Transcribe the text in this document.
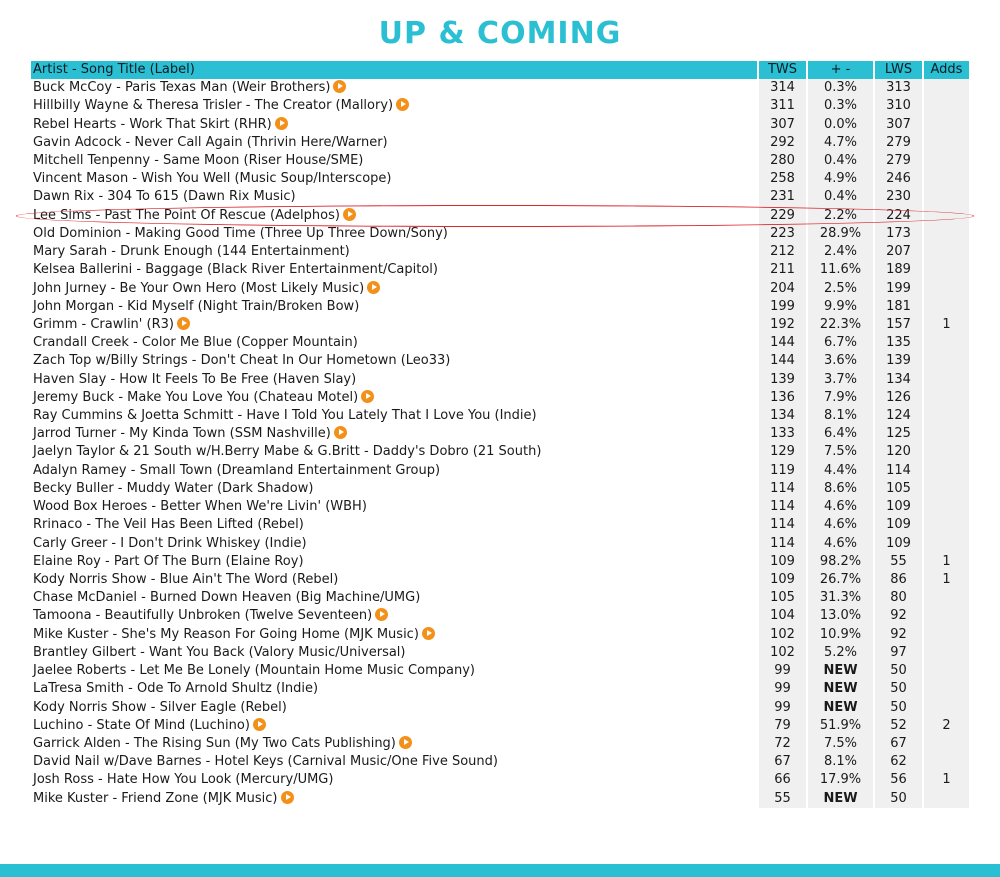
UP & COMING
Artist - Song Title (Label)	TWS	+ -	LWS	Adds
Buck McCoy - Paris Texas Man (Weir Brothers)	314	0.3%	313	
Hillbilly Wayne & Theresa Trisler - The Creator (Mallory)	311	0.3%	310	
Rebel Hearts - Work That Skirt (RHR)	307	0.0%	307	
Gavin Adcock - Never Call Again (Thrivin Here/Warner)	292	4.7%	279	
Mitchell Tenpenny - Same Moon (Riser House/SME)	280	0.4%	279	
Vincent Mason - Wish You Well (Music Soup/Interscope)	258	4.9%	246	
Dawn Rix - 304 To 615 (Dawn Rix Music)	231	0.4%	230	
Lee Sims - Past The Point Of Rescue (Adelphos)	229	2.2%	224	
Old Dominion - Making Good Time (Three Up Three Down/Sony)	223	28.9%	173	
Mary Sarah - Drunk Enough (144 Entertainment)	212	2.4%	207	
Kelsea Ballerini - Baggage (Black River Entertainment/Capitol)	211	11.6%	189	
John Jurney - Be Your Own Hero (Most Likely Music)	204	2.5%	199	
John Morgan - Kid Myself (Night Train/Broken Bow)	199	9.9%	181	
Grimm - Crawlin' (R3)	192	22.3%	157	1
Crandall Creek - Color Me Blue (Copper Mountain)	144	6.7%	135	
Zach Top w/Billy Strings - Don't Cheat In Our Hometown (Leo33)	144	3.6%	139	
Haven Slay - How It Feels To Be Free (Haven Slay)	139	3.7%	134	
Jeremy Buck - Make You Love You (Chateau Motel)	136	7.9%	126	
Ray Cummins & Joetta Schmitt - Have I Told You Lately That I Love You (Indie)	134	8.1%	124	
Jarrod Turner - My Kinda Town (SSM Nashville)	133	6.4%	125	
Jaelyn Taylor & 21 South w/H.Berry Mabe & G.Britt - Daddy's Dobro (21 South)	129	7.5%	120	
Adalyn Ramey - Small Town (Dreamland Entertainment Group)	119	4.4%	114	
Becky Buller - Muddy Water (Dark Shadow)	114	8.6%	105	
Wood Box Heroes - Better When We're Livin' (WBH)	114	4.6%	109	
Rrinaco - The Veil Has Been Lifted (Rebel)	114	4.6%	109	
Carly Greer - I Don't Drink Whiskey (Indie)	114	4.6%	109	
Elaine Roy - Part Of The Burn (Elaine Roy)	109	98.2%	55	1
Kody Norris Show - Blue Ain't The Word (Rebel)	109	26.7%	86	1
Chase McDaniel - Burned Down Heaven (Big Machine/UMG)	105	31.3%	80	
Tamoona - Beautifully Unbroken (Twelve Seventeen)	104	13.0%	92	
Mike Kuster - She's My Reason For Going Home (MJK Music)	102	10.9%	92	
Brantley Gilbert - Want You Back (Valory Music/Universal)	102	5.2%	97	
Jaelee Roberts - Let Me Be Lonely (Mountain Home Music Company)	99	NEW	50	
LaTresa Smith - Ode To Arnold Shultz (Indie)	99	NEW	50	
Kody Norris Show - Silver Eagle (Rebel)	99	NEW	50	
Luchino - State Of Mind (Luchino)	79	51.9%	52	2
Garrick Alden - The Rising Sun (My Two Cats Publishing)	72	7.5%	67	
David Nail w/Dave Barnes - Hotel Keys (Carnival Music/One Five Sound)	67	8.1%	62	
Josh Ross - Hate How You Look (Mercury/UMG)	66	17.9%	56	1
Mike Kuster - Friend Zone (MJK Music)	55	NEW	50	
